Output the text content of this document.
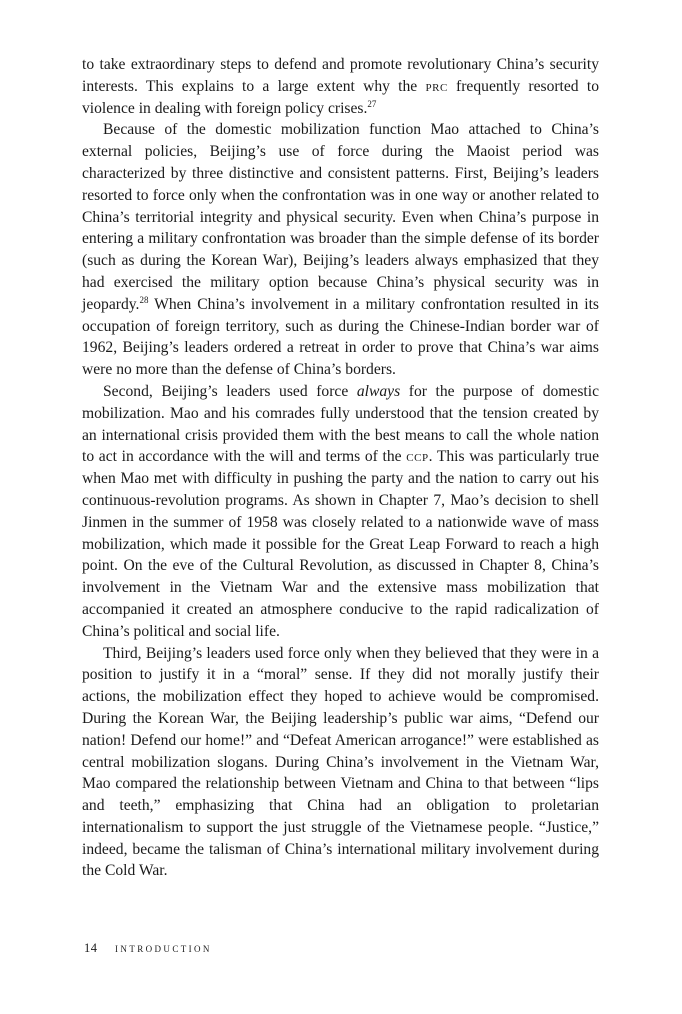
to take extraordinary steps to defend and promote revolutionary China’s security interests. This explains to a large extent why the prc frequently resorted to violence in dealing with foreign policy crises.$^{27}$

Because of the domestic mobilization function Mao attached to China’s external policies, Beijing’s use of force during the Maoist period was characterized by three distinctive and consistent patterns. First, Beijing’s leaders resorted to force only when the confrontation was in one way or another related to China’s territorial integrity and physical security. Even when China’s purpose in entering a military confrontation was broader than the simple defense of its border (such as during the Korean War), Beijing’s leaders always emphasized that they had exercised the military option because China’s physical security was in jeopardy.$^{28}$ When China’s involvement in a military confrontation resulted in its occupation of foreign territory, such as during the Chinese-Indian border war of 1962, Beijing’s leaders ordered a retreat in order to prove that China’s war aims were no more than the defense of China’s borders.

Second, Beijing’s leaders used force always for the purpose of domestic mobilization. Mao and his comrades fully understood that the tension created by an international crisis provided them with the best means to call the whole nation to act in accordance with the will and terms of the ccp. This was particularly true when Mao met with difficulty in pushing the party and the nation to carry out his continuous-revolution programs. As shown in Chapter 7, Mao’s decision to shell Jinmen in the summer of 1958 was closely related to a nationwide wave of mass mobilization, which made it possible for the Great Leap Forward to reach a high point. On the eve of the Cultural Revolution, as discussed in Chapter 8, China’s involvement in the Vietnam War and the extensive mass mobilization that accompanied it created an atmosphere conducive to the rapid radicalization of China’s political and social life.

Third, Beijing’s leaders used force only when they believed that they were in a position to justify it in a “moral” sense. If they did not morally justify their actions, the mobilization effect they hoped to achieve would be compromised. During the Korean War, the Beijing leadership’s public war aims, “Defend our nation! Defend our home!” and “Defeat American arrogance!” were established as central mobilization slogans. During China’s involvement in the Vietnam War, Mao compared the relationship between Vietnam and China to that between “lips and teeth,” emphasizing that China had an obligation to proletarian internationalism to support the just struggle of the Vietnamese people. “Justice,” indeed, became the talisman of China’s international military involvement during the Cold War.

14 introduction
